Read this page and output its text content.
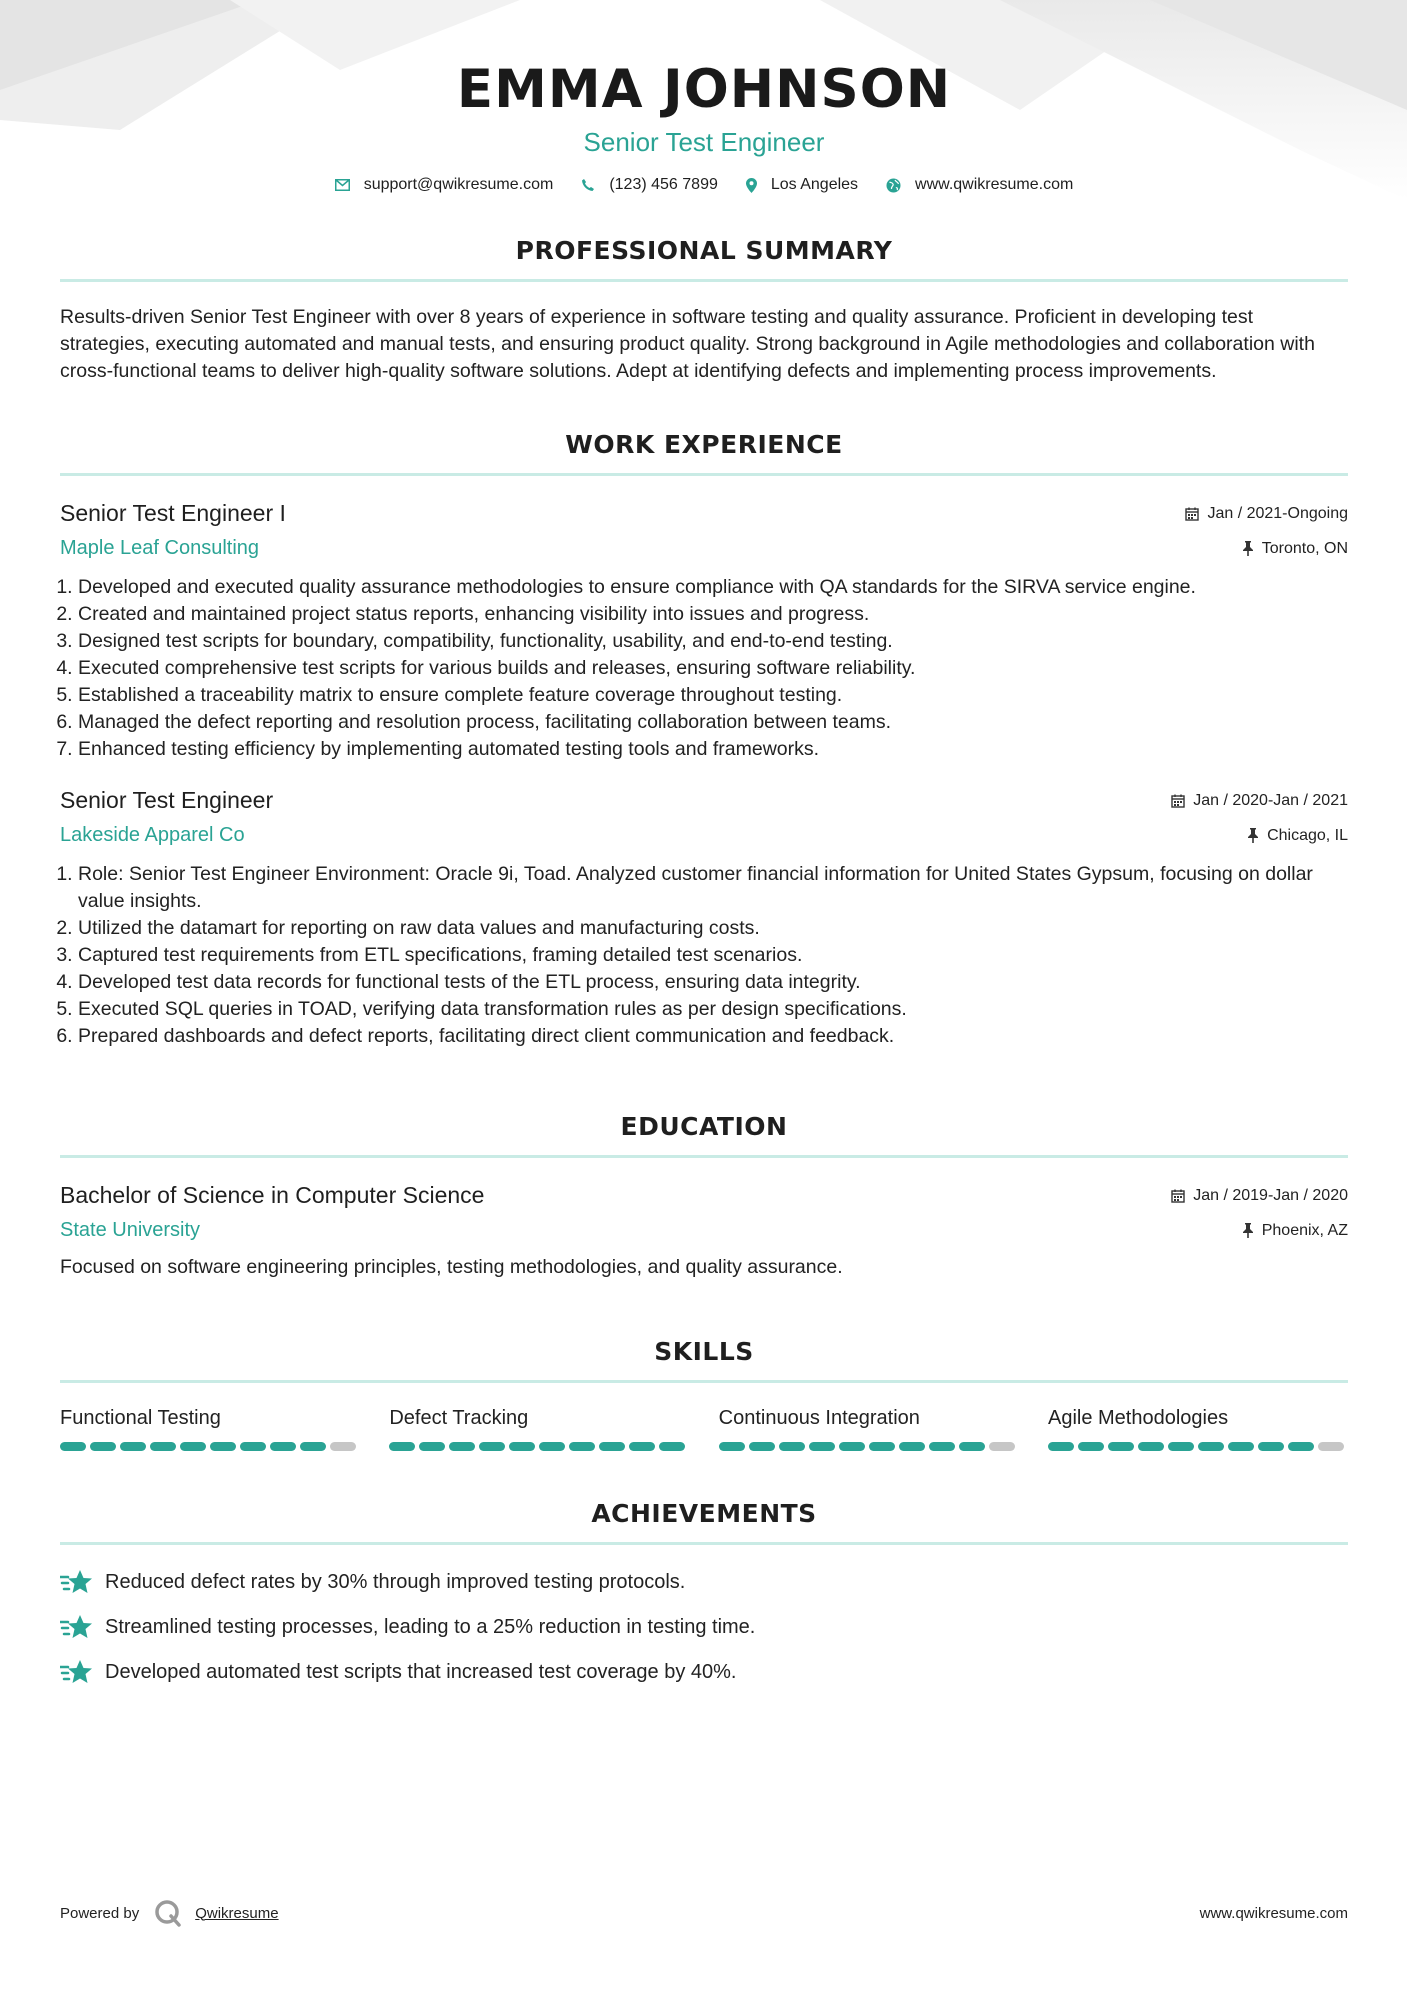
EMMA JOHNSON
Senior Test Engineer
support@qwikresume.com	(123) 456 7899	Los Angeles	www.qwikresume.com
PROFESSIONAL SUMMARY
Results-driven Senior Test Engineer with over 8 years of experience in software testing and quality assurance. Proficient in developing test strategies, executing automated and manual tests, and ensuring product quality. Strong background in Agile methodologies and collaboration with cross-functional teams to deliver high-quality software solutions. Adept at identifying defects and implementing process improvements.
WORK EXPERIENCE
Senior Test Engineer I	Jan / 2021-Ongoing
Maple Leaf Consulting	Toronto, ON
1. Developed and executed quality assurance methodologies to ensure compliance with QA standards for the SIRVA service engine.
2. Created and maintained project status reports, enhancing visibility into issues and progress.
3. Designed test scripts for boundary, compatibility, functionality, usability, and end-to-end testing.
4. Executed comprehensive test scripts for various builds and releases, ensuring software reliability.
5. Established a traceability matrix to ensure complete feature coverage throughout testing.
6. Managed the defect reporting and resolution process, facilitating collaboration between teams.
7. Enhanced testing efficiency by implementing automated testing tools and frameworks.
Senior Test Engineer	Jan / 2020-Jan / 2021
Lakeside Apparel Co	Chicago, IL
1. Role: Senior Test Engineer Environment: Oracle 9i, Toad. Analyzed customer financial information for United States Gypsum, focusing on dollar value insights.
2. Utilized the datamart for reporting on raw data values and manufacturing costs.
3. Captured test requirements from ETL specifications, framing detailed test scenarios.
4. Developed test data records for functional tests of the ETL process, ensuring data integrity.
5. Executed SQL queries in TOAD, verifying data transformation rules as per design specifications.
6. Prepared dashboards and defect reports, facilitating direct client communication and feedback.
EDUCATION
Bachelor of Science in Computer Science	Jan / 2019-Jan / 2020
State University	Phoenix, AZ
Focused on software engineering principles, testing methodologies, and quality assurance.
SKILLS
Functional Testing	Defect Tracking	Continuous Integration	Agile Methodologies
ACHIEVEMENTS
Reduced defect rates by 30% through improved testing protocols.
Streamlined testing processes, leading to a 25% reduction in testing time.
Developed automated test scripts that increased test coverage by 40%.
Powered by	Qwikresume	www.qwikresume.com
